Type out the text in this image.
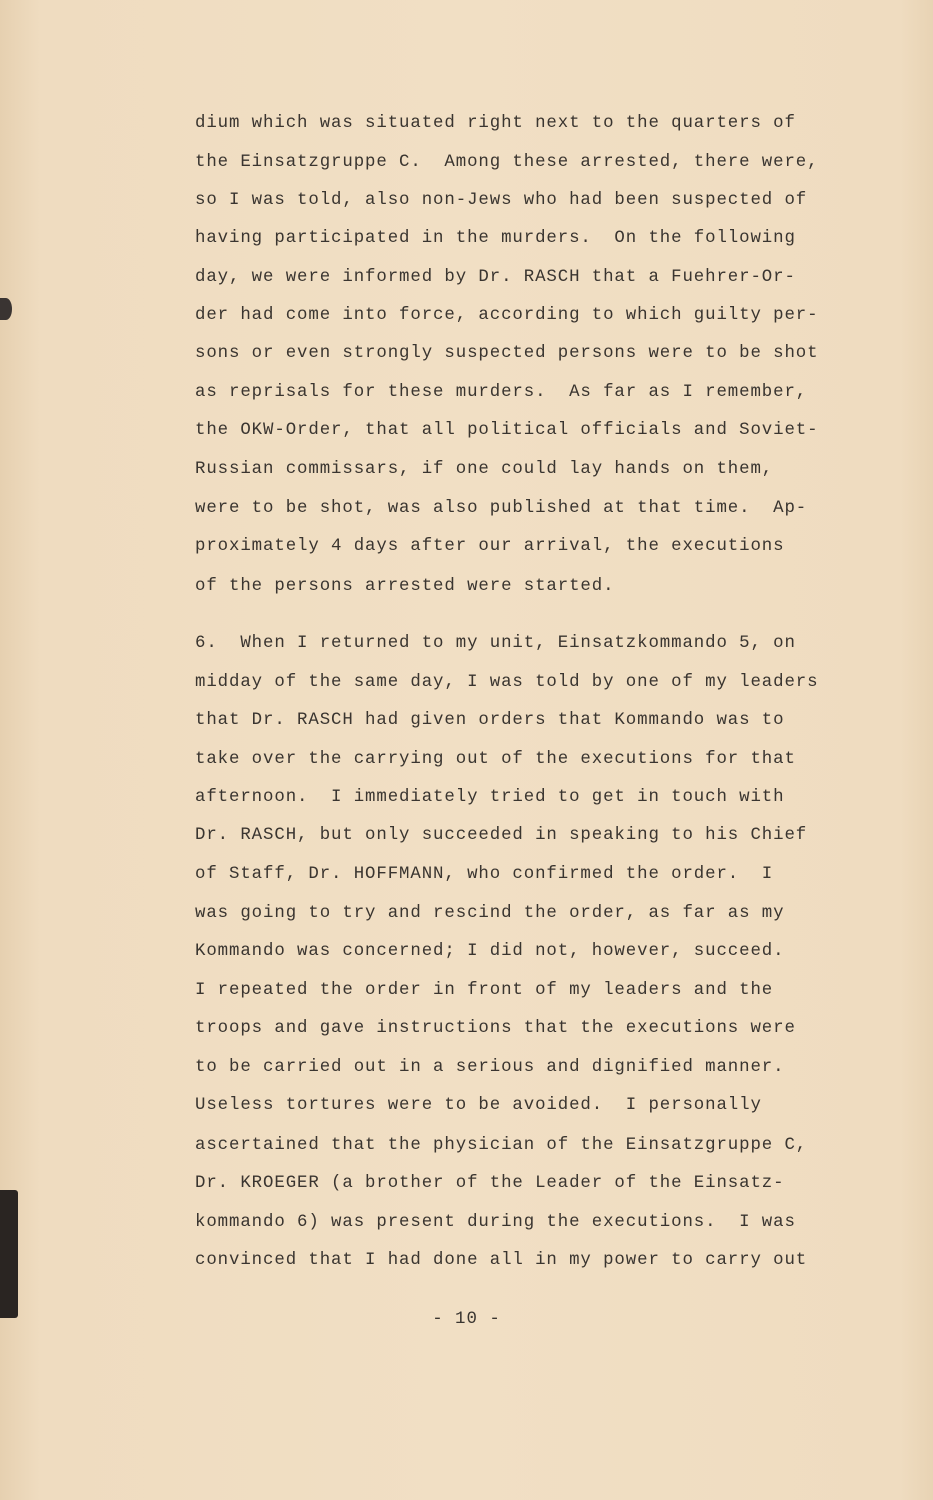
dium which was situated right next to the quarters of
the Einsatzgruppe C.  Among these arrested, there were,
so I was told, also non-Jews who had been suspected of
having participated in the murders.  On the following
day, we were informed by Dr. RASCH that a Fuehrer-Or-
der had come into force, according to which guilty per-
sons or even strongly suspected persons were to be shot
as reprisals for these murders.  As far as I remember,
the OKW-Order, that all political officials and Soviet-
Russian commissars, if one could lay hands on them,
were to be shot, was also published at that time.  Ap-
proximately 4 days after our arrival, the executions
of the persons arrested were started.
6.  When I returned to my unit, Einsatzkommando 5, on
midday of the same day, I was told by one of my leaders
that Dr. RASCH had given orders that Kommando was to
take over the carrying out of the executions for that
afternoon.  I immediately tried to get in touch with
Dr. RASCH, but only succeeded in speaking to his Chief
of Staff, Dr. HOFFMANN, who confirmed the order.  I
was going to try and rescind the order, as far as my
Kommando was concerned; I did not, however, succeed.
I repeated the order in front of my leaders and the
troops and gave instructions that the executions were
to be carried out in a serious and dignified manner.
Useless tortures were to be avoided.  I personally
ascertained that the physician of the Einsatzgruppe C,
Dr. KROEGER (a brother of the Leader of the Einsatz-
kommando 6) was present during the executions.  I was
convinced that I had done all in my power to carry out
- 10 -
